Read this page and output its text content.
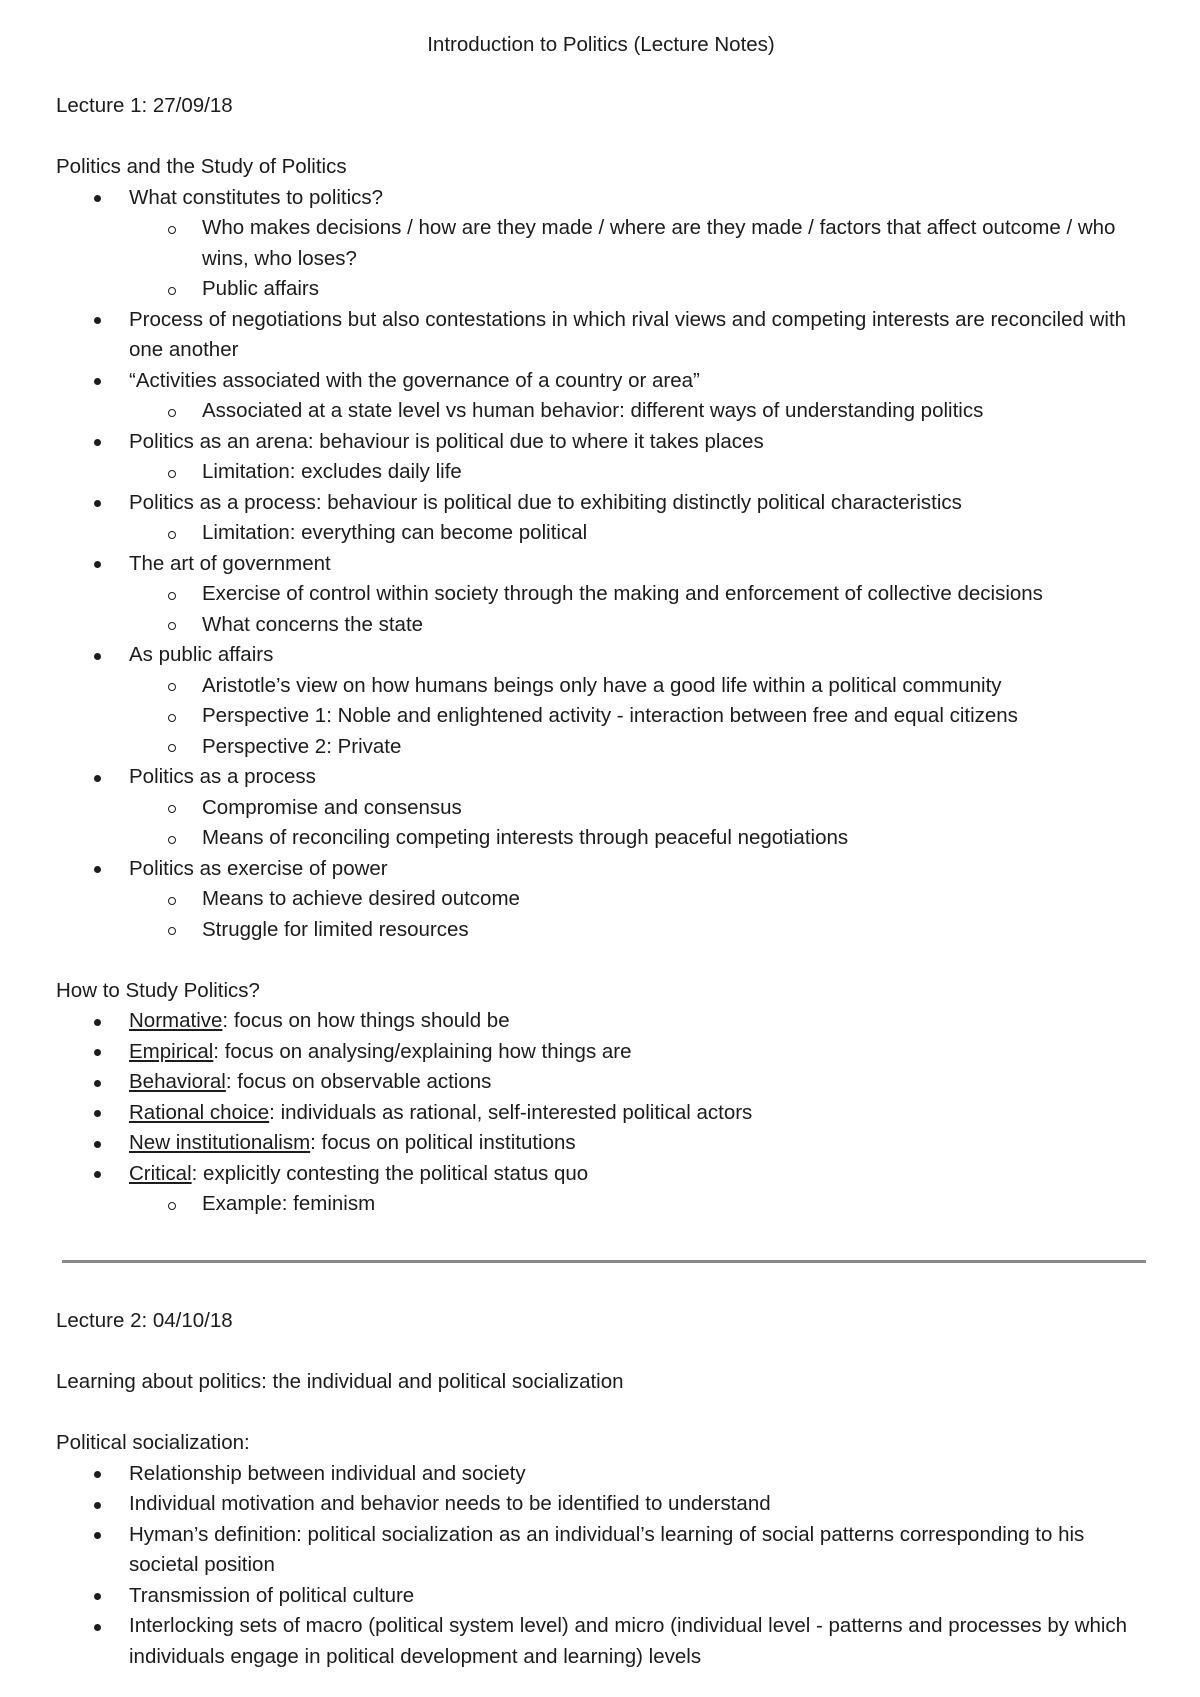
Introduction to Politics (Lecture Notes)
Lecture 1: 27/09/18
Politics and the Study of Politics
What constitutes to politics?
Who makes decisions / how are they made / where are they made / factors that affect outcome / who wins, who loses?
Public affairs
Process of negotiations but also contestations in which rival views and competing interests are reconciled with one another
“Activities associated with the governance of a country or area”
Associated at a state level vs human behavior: different ways of understanding politics
Politics as an arena: behaviour is political due to where it takes places
Limitation: excludes daily life
Politics as a process: behaviour is political due to exhibiting distinctly political characteristics
Limitation: everything can become political
The art of government
Exercise of control within society through the making and enforcement of collective decisions
What concerns the state
As public affairs
Aristotle’s view on how humans beings only have a good life within a political community
Perspective 1: Noble and enlightened activity - interaction between free and equal citizens
Perspective 2: Private
Politics as a process
Compromise and consensus
Means of reconciling competing interests through peaceful negotiations
Politics as exercise of power
Means to achieve desired outcome
Struggle for limited resources
How to Study Politics?
Normative: focus on how things should be
Empirical: focus on analysing/explaining how things are
Behavioral: focus on observable actions
Rational choice: individuals as rational, self-interested political actors
New institutionalism: focus on political institutions
Critical: explicitly contesting the political status quo
Example: feminism
Lecture 2: 04/10/18
Learning about politics: the individual and political socialization
Political socialization:
Relationship between individual and society
Individual motivation and behavior needs to be identified to understand
Hyman’s definition: political socialization as an individual’s learning of social patterns corresponding to his societal position
Transmission of political culture
Interlocking sets of macro (political system level) and micro (individual level - patterns and processes by which individuals engage in political development and learning) levels
